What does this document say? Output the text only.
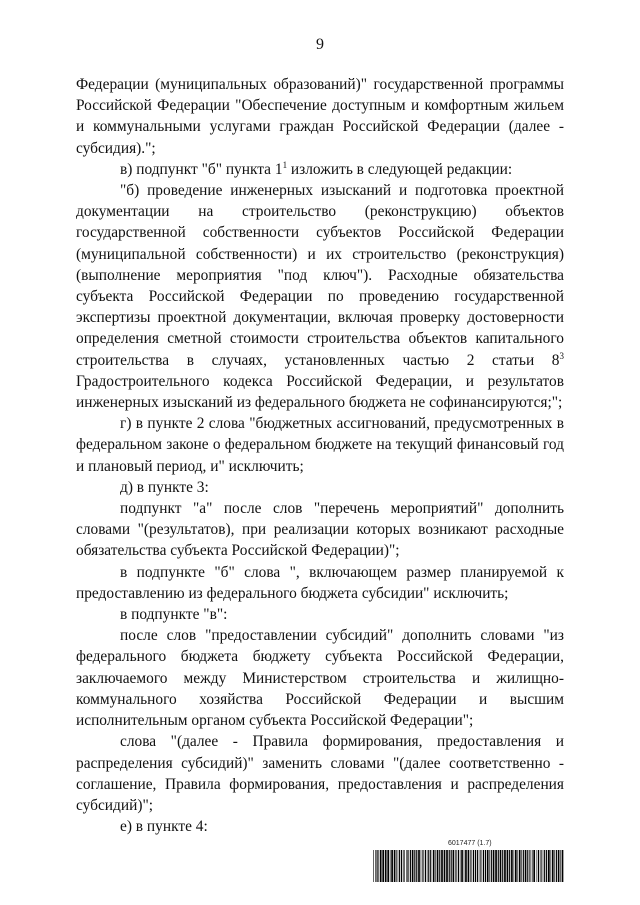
9

Федерации (муниципальных образований)" государственной программы Российской Федерации "Обеспечение доступным и комфортным жильем и коммунальными услугами граждан Российской Федерации (далее - субсидия).";

в) подпункт "б" пункта $1^1$ изложить в следующей редакции:

"б) проведение инженерных изысканий и подготовка проектной документации на строительство (реконструкцию) объектов государственной собственности субъектов Российской Федерации (муниципальной собственности) и их строительство (реконструкция) (выполнение мероприятия "под ключ"). Расходные обязательства субъекта Российской Федерации по проведению государственной экспертизы проектной документации, включая проверку достоверности определения сметной стоимости строительства объектов капитального строительства в случаях, установленных частью 2 статьи $8^3$ Градостроительного кодекса Российской Федерации, и результатов инженерных изысканий из федерального бюджета не софинансируются;";

г) в пункте 2 слова "бюджетных ассигнований, предусмотренных в федеральном законе о федеральном бюджете на текущий финансовый год и плановый период, и" исключить;

д) в пункте 3:

подпункт "а" после слов "перечень мероприятий" дополнить словами "(результатов), при реализации которых возникают расходные обязательства субъекта Российской Федерации)";

в подпункте "б" слова ", включающем размер планируемой к предоставлению из федерального бюджета субсидии" исключить;

в подпункте "в":

после слов "предоставлении субсидий" дополнить словами "из федерального бюджета бюджету субъекта Российской Федерации, заключаемого между Министерством строительства и жилищно-коммунального хозяйства Российской Федерации и высшим исполнительным органом субъекта Российской Федерации";

слова "(далее - Правила формирования, предоставления и распределения субсидий)" заменить словами "(далее соответственно - соглашение, Правила формирования, предоставления и распределения субсидий)";

е) в пункте 4:

6017477 (1.7)
